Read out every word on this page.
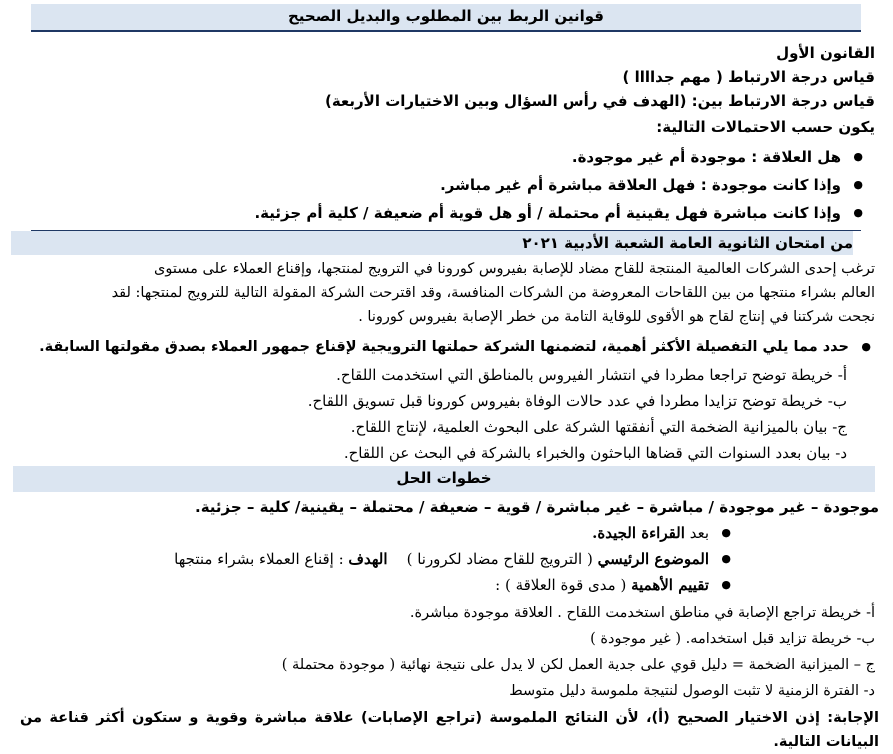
قوانين الربط بين المطلوب والبديل الصحيح
القانون الأول
قياس درجة الارتباط ( مهم جداااا )
قياس درجة الارتباط بين: (الهدف في رأس السؤال وبين الاختيارات الأربعة)
يكون حسب الاحتمالات التالية:
● هل العلاقة : موجودة أم غير موجودة.
● وإذا كانت موجودة : فهل العلاقة مباشرة أم غير مباشر.
● وإذا كانت مباشرة فهل يقينية أم محتملة / أو هل قوية أم ضعيفة / كلية أم جزئية.
من امتحان الثانوية العامة الشعبة الأدبية ٢٠٢١
ترغب إحدى الشركات العالمية المنتجة للقاح مضاد للإصابة بفيروس كورونا في الترويج لمنتجها، وإقناع العملاء على مستوى
العالم بشراء منتجها من بين اللقاحات المعروضة من الشركات المنافسة، وقد اقترحت الشركة المقولة التالية للترويج لمنتجها: لقد
نجحت شركتنا في إنتاج لقاح هو الأقوى للوقاية التامة من خطر الإصابة بفيروس كورونا .
● حدد مما يلي التفصيلة الأكثر أهمية، لتضمنها الشركة حملتها الترويجية لإقناع جمهور العملاء بصدق مقولتها السابقة.
أ- خريطة توضح تراجعا مطردا في انتشار الفيروس بالمناطق التي استخدمت اللقاح.
ب- خريطة توضح تزايدا مطردا في عدد حالات الوفاة بفيروس كورونا قبل تسويق اللقاح.
ج- بيان بالميزانية الضخمة التي أنفقتها الشركة على البحوث العلمية، لإنتاج اللقاح.
د- بيان بعدد السنوات التي قضاها الباحثون والخبراء بالشركة في البحث عن اللقاح.
خطوات الحل
موجودة – غير موجودة / مباشرة – غير مباشرة / قوية – ضعيفة / محتملة – يقينية/ كلية – جزئية.
● بعد القراءة الجيدة.
● الموضوع الرئيسي ( الترويج للقاح مضاد لكرورنا )    الهدف : إقناع العملاء بشراء منتجها
● تقييم الأهمية ( مدى قوة العلاقة ) :
أ- خريطة تراجع الإصابة في مناطق استخدمت اللقاح . العلاقة موجودة مباشرة.
ب- خريطة تزايد قبل استخدامه. ( غير موجودة )
ج – الميزانية الضخمة = دليل قوي على جدية العمل لكن لا يدل على نتيجة نهائية ( موجودة محتملة )
د- الفترة الزمنية لا تثبت الوصول لنتيجة ملموسة دليل متوسط
الإجابة: إذن الاختيار الصحيح (أ)، لأن النتائج الملموسة (تراجع الإصابات) علاقة مباشرة وقوية و ستكون أكثر قناعة من البيانات التالية.
